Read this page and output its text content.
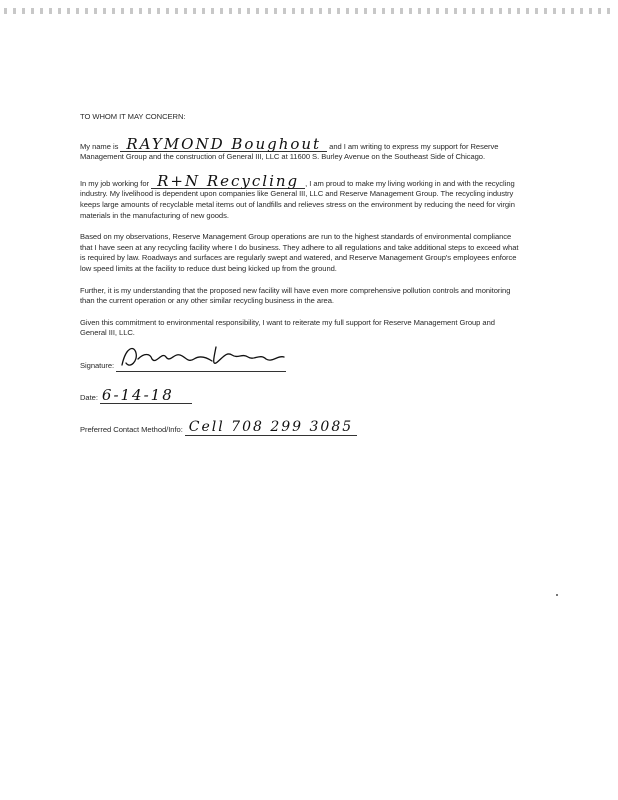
TO WHOM IT MAY CONCERN:

My name is RAYMOND Boughout and I am writing to express my support for Reserve Management Group and the construction of General III, LLC at 11600 S. Burley Avenue on the Southeast Side of Chicago.

In my job working for R+N Recycling , I am proud to make my living working in and with the recycling industry. My livelihood is dependent upon companies like General III, LLC and Reserve Management Group. The recycling industry keeps large amounts of recyclable metal items out of landfills and relieves stress on the environment by reducing the need for virgin materials in the manufacturing of new goods.

Based on my observations, Reserve Management Group operations are run to the highest standards of environmental compliance that I have seen at any recycling facility where I do business. They adhere to all regulations and take additional steps to exceed what is required by law. Roadways and surfaces are regularly swept and watered, and Reserve Management Group's employees enforce low speed limits at the facility to reduce dust being kicked up from the ground.

Further, it is my understanding that the proposed new facility will have even more comprehensive pollution controls and monitoring than the current operation or any other similar recycling business in the area.

Given this commitment to environmental responsibility, I want to reiterate my full support for Reserve Management Group and General III, LLC.

Signature:
Date: 6-14-18
Preferred Contact Method/Info: Cell 708 299 3085
